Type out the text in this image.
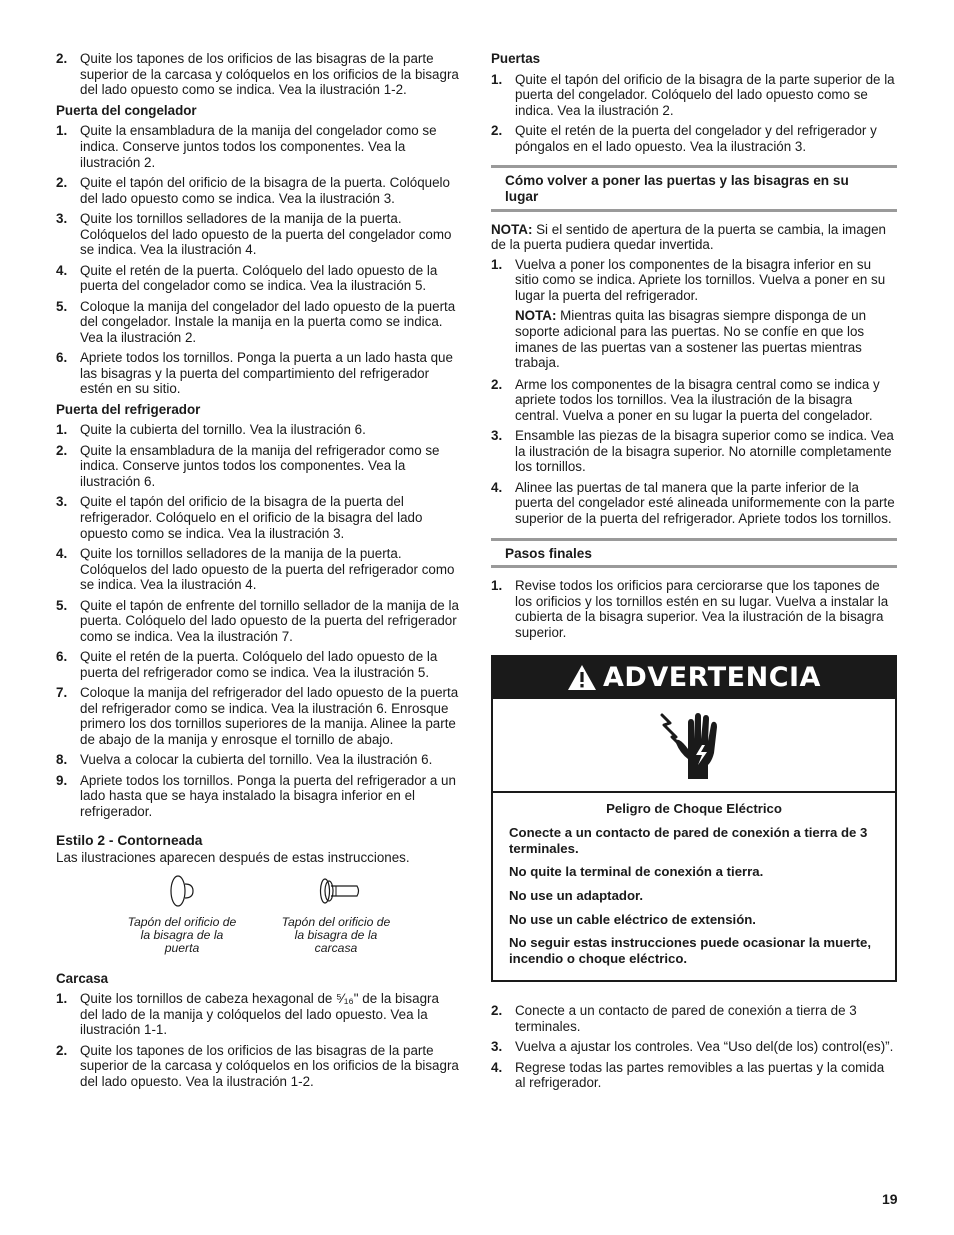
2. Quite los tapones de los orificios de las bisagras de la parte superior de la carcasa y colóquelos en los orificios de la bisagra del lado opuesto como se indica. Vea la ilustración 1-2.
Puerta del congelador
1. Quite la ensambladura de la manija del congelador como se indica. Conserve juntos todos los componentes. Vea la ilustración 2.
2. Quite el tapón del orificio de la bisagra de la puerta. Colóquelo del lado opuesto como se indica. Vea la ilustración 3.
3. Quite los tornillos selladores de la manija de la puerta. Colóquelos del lado opuesto de la puerta del congelador como se indica. Vea la ilustración 4.
4. Quite el retén de la puerta. Colóquelo del lado opuesto de la puerta del congelador como se indica. Vea la ilustración 5.
5. Coloque la manija del congelador del lado opuesto de la puerta del congelador. Instale la manija en la puerta como se indica. Vea la ilustración 2.
6. Apriete todos los tornillos. Ponga la puerta a un lado hasta que las bisagras y la puerta del compartimiento del refrigerador estén en su sitio.
Puerta del refrigerador
1. Quite la cubierta del tornillo. Vea la ilustración 6.
2. Quite la ensambladura de la manija del refrigerador como se indica. Conserve juntos todos los componentes. Vea la ilustración 6.
3. Quite el tapón del orificio de la bisagra de la puerta del refrigerador. Colóquelo en el orificio de la bisagra del lado opuesto como se indica. Vea la ilustración 3.
4. Quite los tornillos selladores de la manija de la puerta. Colóquelos del lado opuesto de la puerta del refrigerador como se indica. Vea la ilustración 4.
5. Quite el tapón de enfrente del tornillo sellador de la manija de la puerta. Colóquelo del lado opuesto de la puerta del refrigerador como se indica. Vea la ilustración 7.
6. Quite el retén de la puerta. Colóquelo del lado opuesto de la puerta del refrigerador como se indica. Vea la ilustración 5.
7. Coloque la manija del refrigerador del lado opuesto de la puerta del refrigerador como se indica. Vea la ilustración 6. Enrosque primero los dos tornillos superiores de la manija. Alinee la parte de abajo de la manija y enrosque el tornillo de abajo.
8. Vuelva a colocar la cubierta del tornillo. Vea la ilustración 6.
9. Apriete todos los tornillos. Ponga la puerta del refrigerador a un lado hasta que se haya instalado la bisagra inferior en el refrigerador.
Estilo 2 - Contorneada
Las ilustraciones aparecen después de estas instrucciones.
Tapón del orificio de la bisagra de la puerta
Tapón del orificio de la bisagra de la carcasa
Carcasa
1. Quite los tornillos de cabeza hexagonal de ⁵⁄₁₆" de la bisagra del lado de la manija y colóquelos del lado opuesto. Vea la ilustración 1-1.
2. Quite los tapones de los orificios de las bisagras de la parte superior de la carcasa y colóquelos en los orificios de la bisagra del lado opuesto. Vea la ilustración 1-2.
Puertas
1. Quite el tapón del orificio de la bisagra de la parte superior de la puerta del congelador. Colóquelo del lado opuesto como se indica. Vea la ilustración 2.
2. Quite el retén de la puerta del congelador y del refrigerador y póngalos en el lado opuesto. Vea la ilustración 3.
Cómo volver a poner las puertas y las bisagras en su lugar
NOTA: Si el sentido de apertura de la puerta se cambia, la imagen de la puerta pudiera quedar invertida.
1. Vuelva a poner los componentes de la bisagra inferior en su sitio como se indica. Apriete los tornillos. Vuelva a poner en su lugar la puerta del refrigerador.
NOTA: Mientras quita las bisagras siempre disponga de un soporte adicional para las puertas. No se confíe en que los imanes de las puertas van a sostener las puertas mientras trabaja.
2. Arme los componentes de la bisagra central como se indica y apriete todos los tornillos. Vea la ilustración de la bisagra central. Vuelva a poner en su lugar la puerta del congelador.
3. Ensamble las piezas de la bisagra superior como se indica. Vea la ilustración de la bisagra superior. No atornille completamente los tornillos.
4. Alinee las puertas de tal manera que la parte inferior de la puerta del congelador esté alineada uniformemente con la parte superior de la puerta del refrigerador. Apriete todos los tornillos.
Pasos finales
1. Revise todos los orificios para cerciorarse que los tapones de los orificios y los tornillos estén en su lugar. Vuelva a instalar la cubierta de la bisagra superior. Vea la ilustración de la bisagra superior.
ADVERTENCIA
Peligro de Choque Eléctrico
Conecte a un contacto de pared de conexión a tierra de 3 terminales.
No quite la terminal de conexión a tierra.
No use un adaptador.
No use un cable eléctrico de extensión.
No seguir estas instrucciones puede ocasionar la muerte, incendio o choque eléctrico.
2. Conecte a un contacto de pared de conexión a tierra de 3 terminales.
3. Vuelva a ajustar los controles. Vea “Uso del(de los) control(es)”.
4. Regrese todas las partes removibles a las puertas y la comida al refrigerador.
19
